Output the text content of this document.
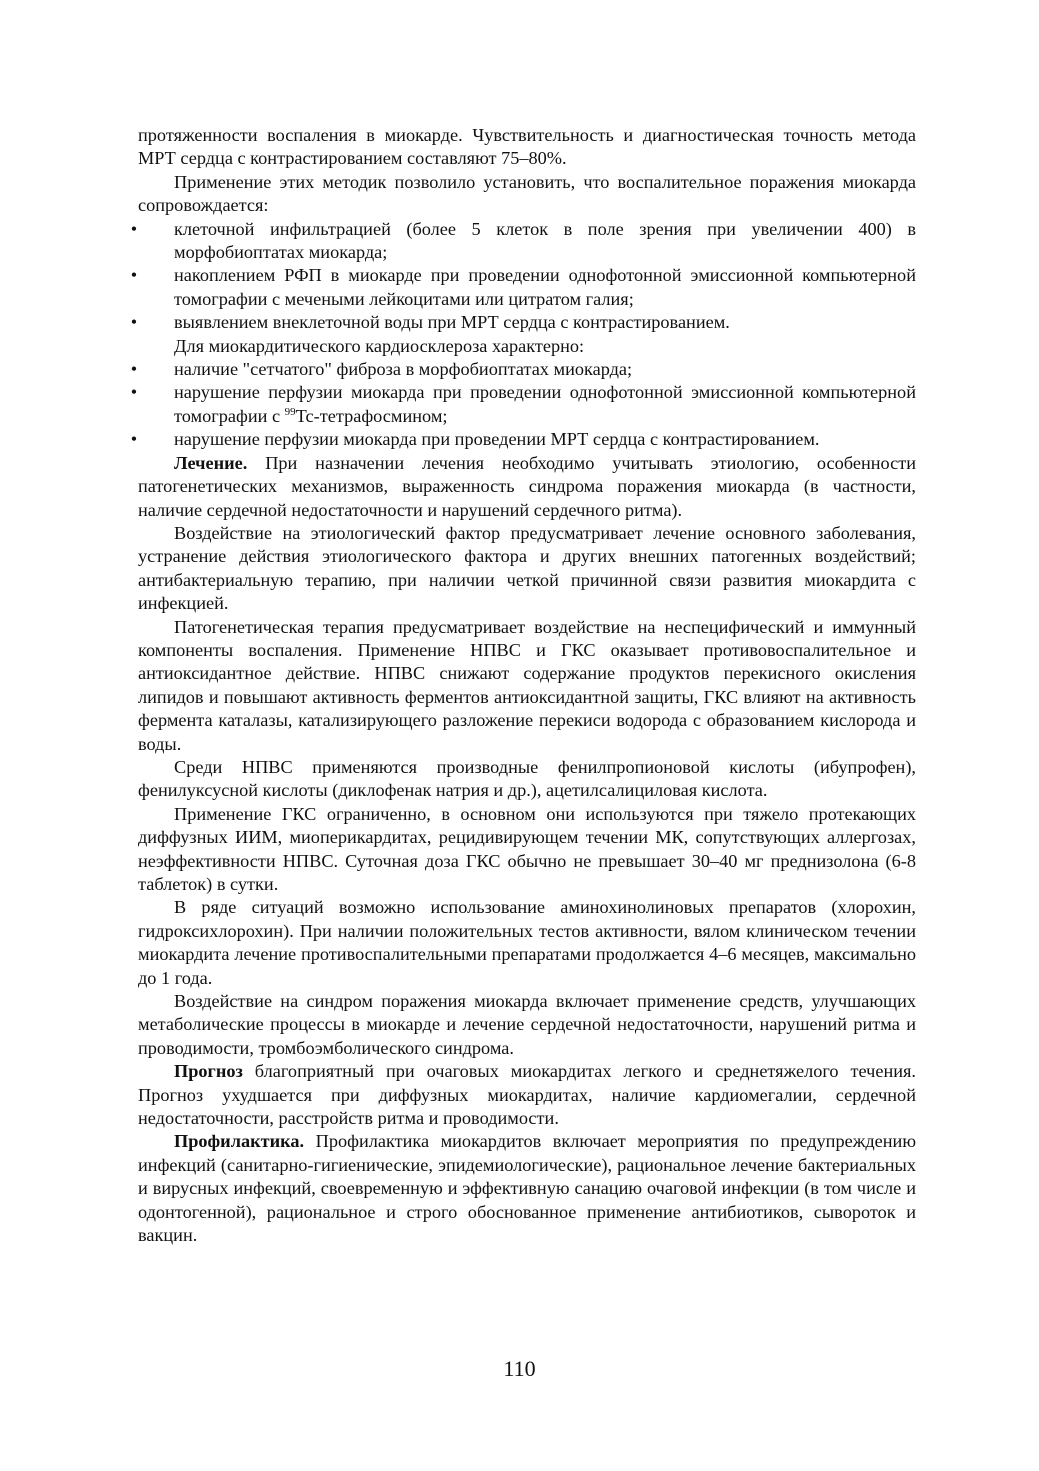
протяженности воспаления в миокарде. Чувствительность и диагностическая точность метода МРТ сердца с контрастированием составляют 75–80%.

Применение этих методик позволило установить, что воспалительное поражения миокарда сопровождается:

• клеточной инфильтрацией (более 5 клеток в поле зрения при увеличении 400) в морфобиоптатах миокарда;
• накоплением РФП в миокарде при проведении однофотонной эмиссионной компьютерной томографии с мечеными лейкоцитами или цитратом галия;
• выявлением внеклеточной воды при МРТ сердца с контрастированием.

Для миокардитического кардиосклероза характерно:

• наличие "сетчатого" фиброза в морфобиоптатах миокарда;
• нарушение перфузии миокарда при проведении однофотонной эмиссионной компьютерной томографии с $^{99}$Tc-тетрафосмином;
• нарушение перфузии миокарда при проведении МРТ сердца с контрастированием.

Лечение. При назначении лечения необходимо учитывать этиологию, особенности патогенетических механизмов, выраженность синдрома поражения миокарда (в частности, наличие сердечной недостаточности и нарушений сердечного ритма).

Воздействие на этиологический фактор предусматривает лечение основного заболевания, устранение действия этиологического фактора и других внешних патогенных воздействий; антибактериальную терапию, при наличии четкой причинной связи развития миокардита с инфекцией.

Патогенетическая терапия предусматривает воздействие на неспецифический и иммунный компоненты воспаления. Применение НПВС и ГКС оказывает противовоспалительное и антиоксидантное действие. НПВС снижают содержание продуктов перекисного окисления липидов и повышают активность ферментов антиоксидантной защиты, ГКС влияют на активность фермента каталазы, катализирующего разложение перекиси водорода с образованием кислорода и воды.

Среди НПВС применяются производные фенилпропионовой кислоты (ибупрофен), фенилуксусной кислоты (диклофенак натрия и др.), ацетилсалициловая кислота.

Применение ГКС ограниченно, в основном они используются при тяжело протекающих диффузных ИИМ, миоперикардитах, рецидивирующем течении МК, сопутствующих аллергозах, неэффективности НПВС. Суточная доза ГКС обычно не превышает 30–40 мг преднизолона (6-8 таблеток) в сутки.

В ряде ситуаций возможно использование аминохинолиновых препаратов (хлорохин, гидроксихлорохин). При наличии положительных тестов активности, вялом клиническом течении миокардита лечение противоспалительными препаратами продолжается 4–6 месяцев, максимально до 1 года.

Воздействие на синдром поражения миокарда включает применение средств, улучшающих метаболические процессы в миокарде и лечение сердечной недостаточности, нарушений ритма и проводимости, тромбоэмболического синдрома.

Прогноз благоприятный при очаговых миокардитах легкого и среднетяжелого течения. Прогноз ухудшается при диффузных миокардитах, наличие кардиомегалии, сердечной недостаточности, расстройств ритма и проводимости.

Профилактика. Профилактика миокардитов включает мероприятия по предупреждению инфекций (санитарно-гигиенические, эпидемиологические), рациональное лечение бактериальных и вирусных инфекций, своевременную и эффективную санацию очаговой инфекции (в том числе и одонтогенной), рациональное и строго обоснованное применение антибиотиков, сывороток и вакцин.

110
